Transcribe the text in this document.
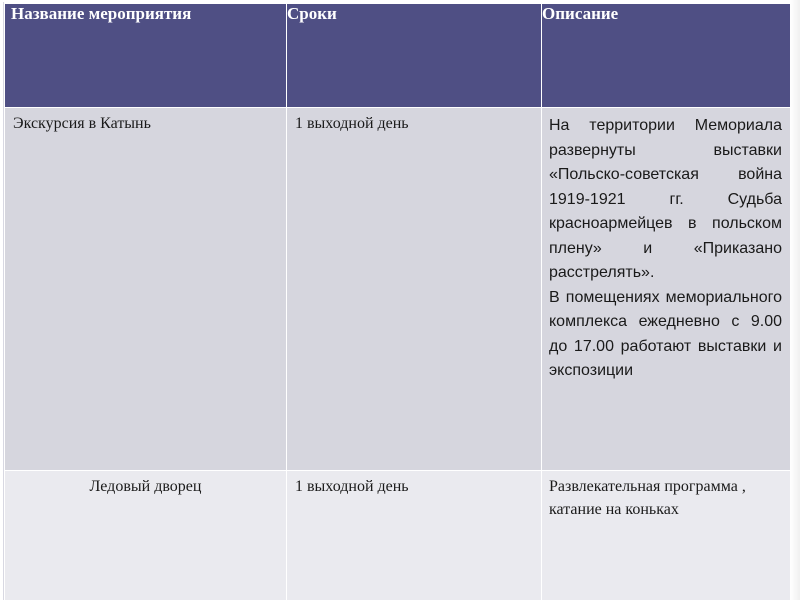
Название мероприятия	Сроки	Описание

Экскурсия в Катынь	1 выходной день	На территории Мемориала развернуты выставки «Польско-советская война 1919-1921 гг. Судьба красноармейцев в польском плену» и «Приказано расстрелять».

В помещениях мемориального комплекса ежедневно с 9.00 до 17.00 работают выставки и экспозиции

Ледовый дворец	1 выходной день	Развлекательная программа , катание на коньках
